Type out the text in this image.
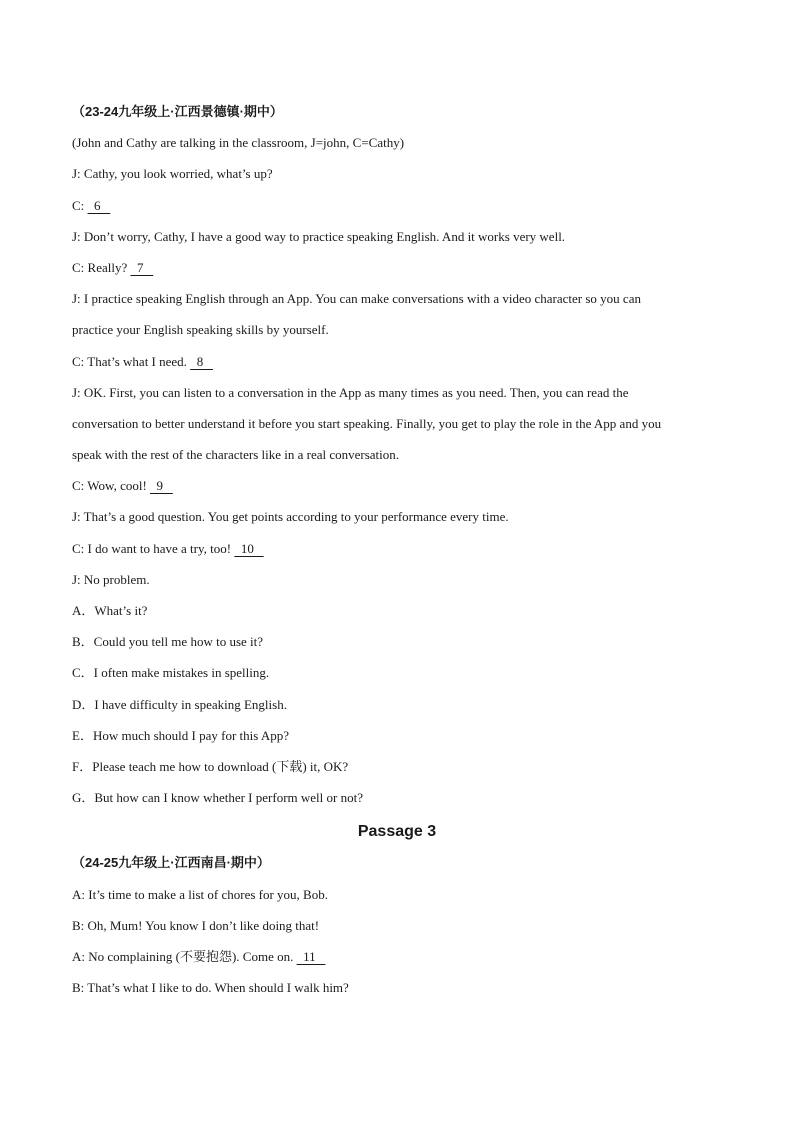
（23-24九年级上·江西景德镇·期中）
(John and Cathy are talking in the classroom, J=john, C=Cathy)
J: Cathy, you look worried, what’s up?
C:   6
J: Don’t worry, Cathy, I have a good way to practice speaking English. And it works very well.
C: Really?   7
J: I practice speaking English through an App. You can make conversations with a video character so you can
practice your English speaking skills by yourself.
C: That’s what I need.   8
J: OK. First, you can listen to a conversation in the App as many times as you need. Then, you can read the
conversation to better understand it before you start speaking. Finally, you get to play the role in the App and you
speak with the rest of the characters like in a real conversation.
C: Wow, cool!   9
J: That’s a good question. You get points according to your performance every time.
C: I do want to have a try, too!   10
J: No problem.
A．What’s it?
B．Could you tell me how to use it?
C．I often make mistakes in spelling.
D．I have difficulty in speaking English.
E．How much should I pay for this App?
F．Please teach me how to download (下载) it, OK?
G．But how can I know whether I perform well or not?
Passage 3
（24-25九年级上·江西南昌·期中）
A: It’s time to make a list of chores for you, Bob.
B: Oh, Mum! You know I don’t like doing that!
A: No complaining (不要抱怨). Come on.   11
B: That’s what I like to do. When should I walk him?
